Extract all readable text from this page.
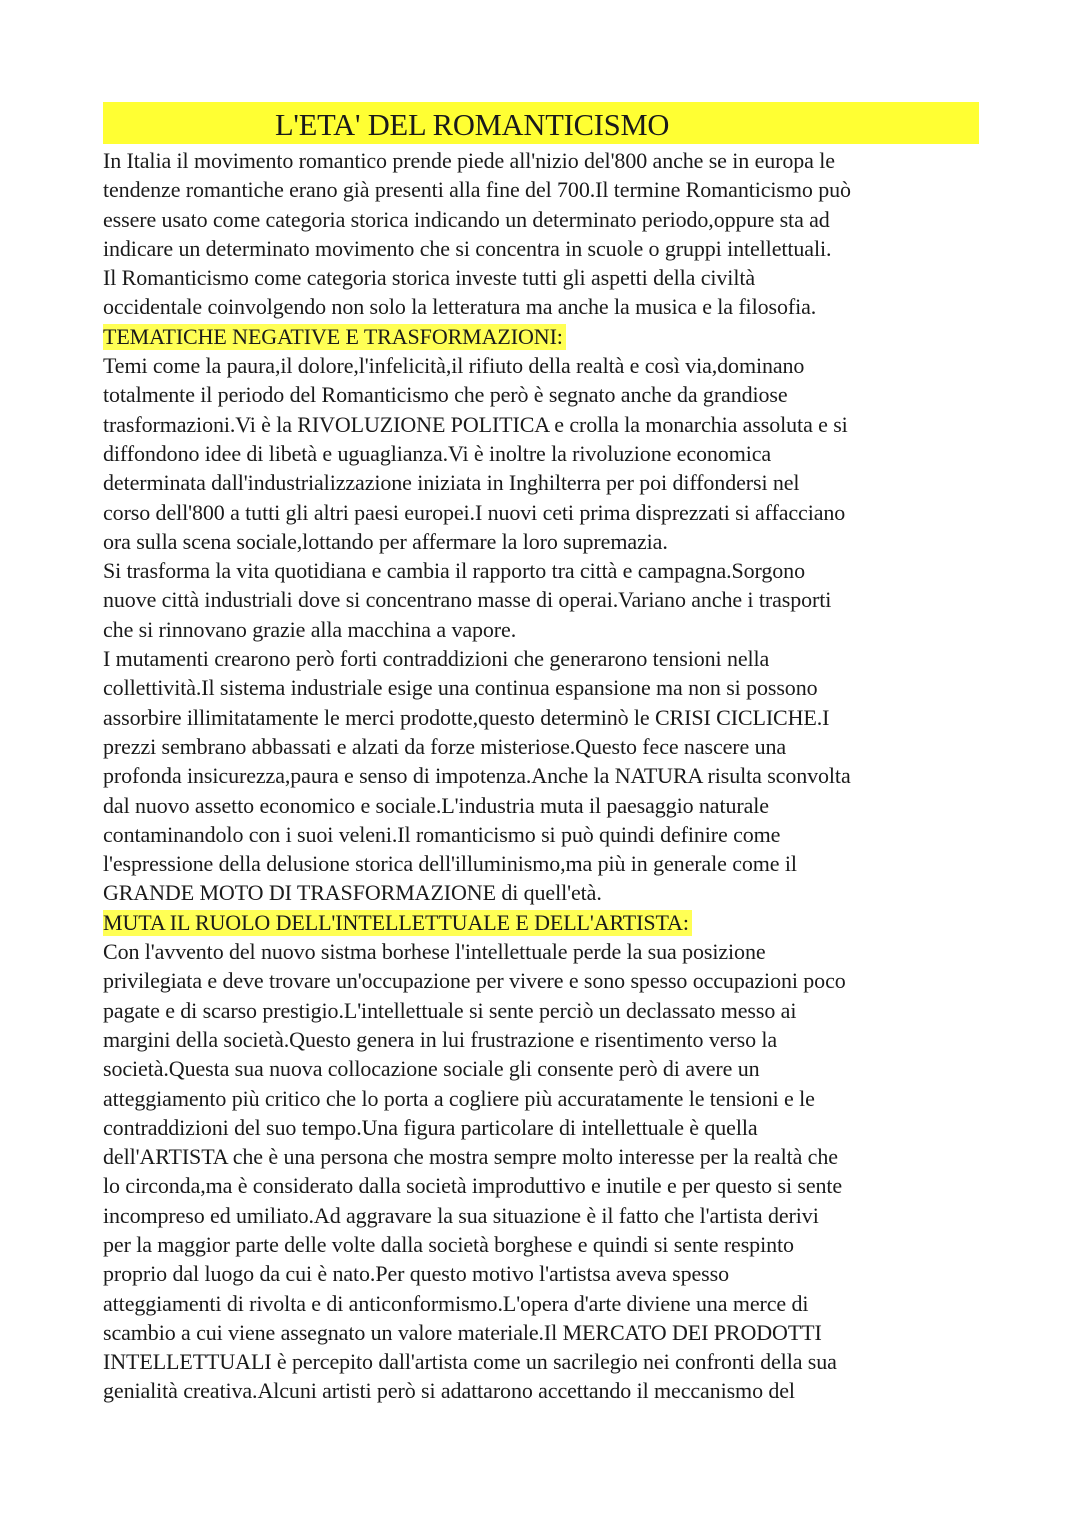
L'ETA' DEL ROMANTICISMO
In Italia il movimento romantico prende piede all'nizio del'800 anche se in europa le
tendenze romantiche erano già presenti alla fine del 700.Il termine Romanticismo può
essere usato come categoria storica indicando un determinato periodo,oppure sta ad
indicare un determinato movimento che si concentra in scuole o gruppi intellettuali.
Il Romanticismo come categoria storica investe tutti gli aspetti della civiltà
occidentale coinvolgendo non solo la letteratura ma anche la musica e la filosofia.
TEMATICHE NEGATIVE E TRASFORMAZIONI:
Temi come la paura,il dolore,l'infelicità,il rifiuto della realtà e così via,dominano
totalmente il periodo del Romanticismo che però è segnato anche da grandiose
trasformazioni.Vi è la RIVOLUZIONE POLITICA e crolla la monarchia assoluta e si
diffondono idee di libetà e uguaglianza.Vi è inoltre la rivoluzione economica
determinata dall'industrializzazione iniziata in Inghilterra per poi diffondersi nel
corso dell'800 a tutti gli altri paesi europei.I nuovi ceti prima disprezzati si affacciano
ora sulla scena sociale,lottando per affermare la loro supremazia.
Si trasforma la vita quotidiana e cambia il rapporto tra città e campagna.Sorgono
nuove città industriali dove si concentrano masse di operai.Variano anche i trasporti
che si rinnovano grazie alla macchina a vapore.
I mutamenti crearono però forti contraddizioni che generarono tensioni nella
collettività.Il sistema industriale esige una continua espansione ma non si possono
assorbire illimitatamente le merci prodotte,questo determinò le CRISI CICLICHE.I
prezzi sembrano abbassati e alzati da forze misteriose.Questo fece nascere una
profonda insicurezza,paura e senso di impotenza.Anche la NATURA risulta sconvolta
dal nuovo assetto economico e sociale.L'industria muta il paesaggio naturale
contaminandolo con i suoi veleni.Il romanticismo si può quindi definire come
l'espressione della delusione storica dell'illuminismo,ma più in generale come il
GRANDE MOTO DI TRASFORMAZIONE di quell'età.
MUTA IL RUOLO DELL'INTELLETTUALE E DELL'ARTISTA:
Con l'avvento del nuovo sistma borhese l'intellettuale perde la sua posizione
privilegiata e deve trovare un'occupazione per vivere e sono spesso occupazioni poco
pagate e di scarso prestigio.L'intellettuale si sente perciò un declassato messo ai
margini della società.Questo genera in lui frustrazione e risentimento verso la
società.Questa sua nuova collocazione sociale gli consente però di avere un
atteggiamento più critico che lo porta a cogliere più accuratamente le tensioni e le
contraddizioni del suo tempo.Una figura particolare di intellettuale è quella
dell'ARTISTA che è una persona che mostra sempre molto interesse per la realtà che
lo circonda,ma è considerato dalla società improduttivo e inutile e per questo si sente
incompreso ed umiliato.Ad aggravare la sua situazione è il fatto che l'artista derivi
per la maggior parte delle volte dalla società borghese e quindi si sente respinto
proprio dal luogo da cui è nato.Per questo motivo l'artistsa aveva spesso
atteggiamenti di rivolta e di anticonformismo.L'opera d'arte diviene una merce di
scambio a cui viene assegnato un valore materiale.Il MERCATO DEI PRODOTTI
INTELLETTUALI è percepito dall'artista come un sacrilegio nei confronti della sua
genialità creativa.Alcuni artisti però si adattarono accettando il meccanismo del
